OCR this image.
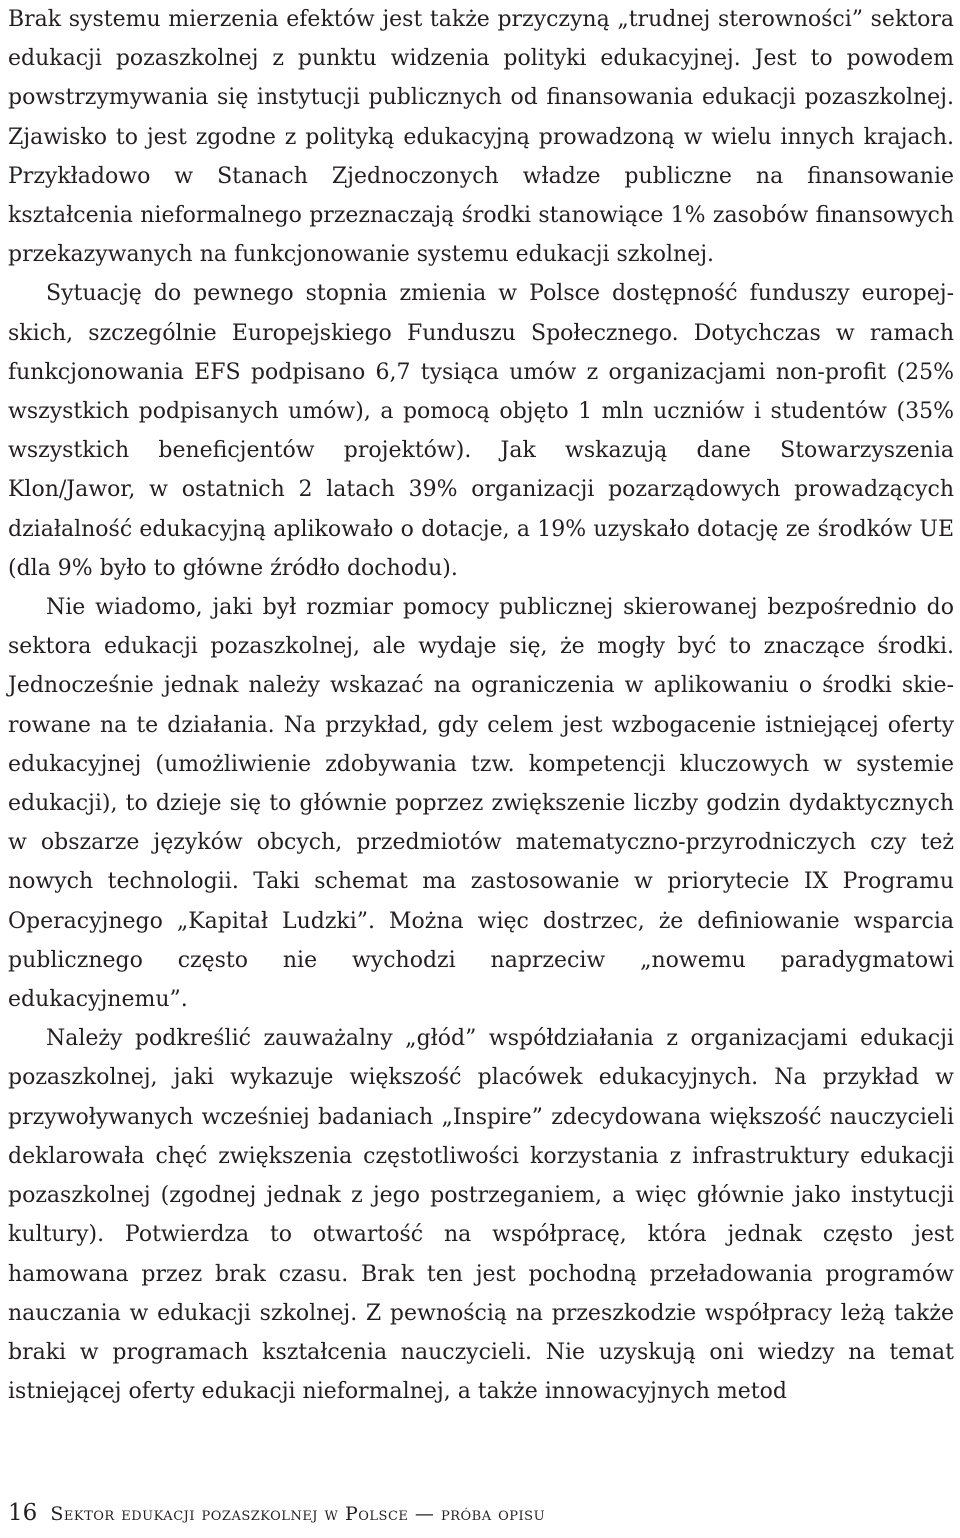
Brak systemu mierzenia efektów jest także przyczyną „trudnej sterowności” sektora edukacji pozaszkolnej z punktu widzenia polityki edukacyjnej. Jest to powodem powstrzymywania się instytucji publicznych od finansowania edukacji pozaszkolnej. Zjawisko to jest zgodne z polityką edukacyjną prowadzoną w wielu innych krajach. Przykładowo w Stanach Zjednoczonych władze publiczne na finansowanie kształcenia nieformalnego przeznaczają środki stanowiące 1% zasobów finansowych przekazywanych na funkcjonowanie systemu edukacji szkolnej.

Sytuację do pewnego stopnia zmienia w Polsce dostępność funduszy europejskich, szczególnie Europejskiego Funduszu Społecznego. Dotychczas w ramach funkcjonowania EFS podpisano 6,7 tysiąca umów z organizacjami non-profit (25% wszystkich podpisanych umów), a pomocą objęto 1 mln uczniów i studentów (35% wszystkich beneficjentów projektów). Jak wskazują dane Stowarzyszenia Klon/Jawor, w ostatnich 2 latach 39% organizacji pozarządowych prowadzących działalność edukacyjną aplikowało o dotacje, a 19% uzyskało dotację ze środków UE (dla 9% było to główne źródło dochodu).

Nie wiadomo, jaki był rozmiar pomocy publicznej skierowanej bezpośrednio do sektora edukacji pozaszkolnej, ale wydaje się, że mogły być to znaczące środki. Jednocześnie jednak należy wskazać na ograniczenia w aplikowaniu o środki skierowane na te działania. Na przykład, gdy celem jest wzbogacenie istniejącej oferty edukacyjnej (umożliwienie zdobywania tzw. kompetencji kluczowych w systemie edukacji), to dzieje się to głównie poprzez zwiększenie liczby godzin dydaktycznych w obszarze języków obcych, przedmiotów matematyczno-przyrodniczych czy też nowych technologii. Taki schemat ma zastosowanie w priorytecie IX Programu Operacyjnego „Kapitał Ludzki”. Można więc dostrzec, że definiowanie wsparcia publicznego często nie wychodzi naprzeciw „nowemu paradygmatowi edukacyjnemu”.

Należy podkreślić zauważalny „głód” współdziałania z organizacjami edukacji pozaszkolnej, jaki wykazuje większość placówek edukacyjnych. Na przykład w przywoływanych wcześniej badaniach „Inspire” zdecydowana większość nauczycieli deklarowała chęć zwiększenia częstotliwości korzystania z infrastruktury edukacji pozaszkolnej (zgodnej jednak z jego postrzeganiem, a więc głównie jako instytucji kultury). Potwierdza to otwartość na współpracę, która jednak często jest hamowana przez brak czasu. Brak ten jest pochodną przeładowania programów nauczania w edukacji szkolnej. Z pewnością na przeszkodzie współpracy leżą także braki w programach kształcenia nauczycieli. Nie uzyskują oni wiedzy na temat istniejącej oferty edukacji nieformalnej, a także innowacyjnych metod

16 Sektor edukacji pozaszkolnej w Polsce — próba opisu
